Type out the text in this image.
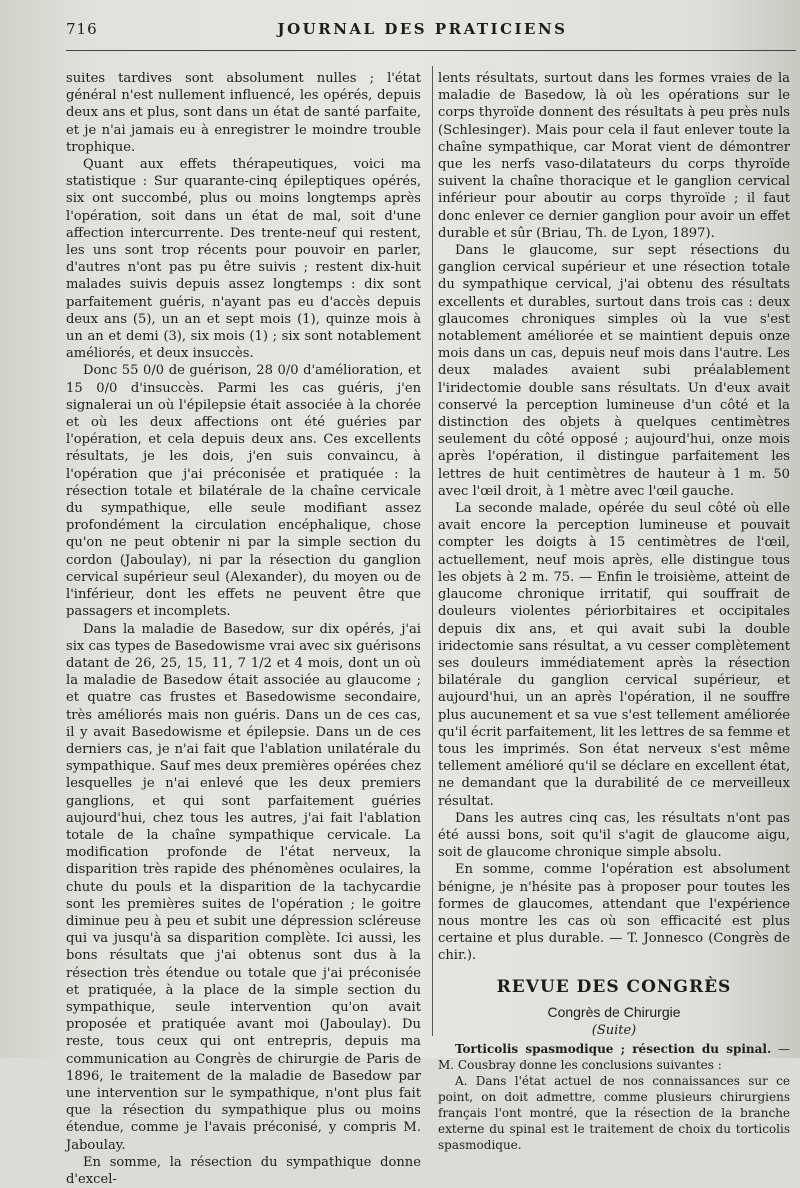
716	JOURNAL DES PRATICIENS

suites tardives sont absolument nulles ; l'état général n'est nullement influencé, les opérés, depuis deux ans et plus, sont dans un état de santé parfaite, et je n'ai jamais eu à enregistrer le moindre trouble trophique.

Quant aux effets thérapeutiques, voici ma statistique : Sur quarante-cinq épileptiques opérés, six ont succombé, plus ou moins longtemps après l'opération, soit dans un état de mal, soit d'une affection intercurrente. Des trente-neuf qui restent, les uns sont trop récents pour pouvoir en parler, d'autres n'ont pas pu être suivis ; restent dix-huit malades suivis depuis assez longtemps : dix sont parfaitement guéris, n'ayant pas eu d'accès depuis deux ans (5), un an et sept mois (1), quinze mois à un an et demi (3), six mois (1) ; six sont notablement améliorés, et deux insuccès.

Donc 55 0/0 de guérison, 28 0/0 d'amélioration, et 15 0/0 d'insuccès. Parmi les cas guéris, j'en signalerai un où l'épilepsie était associée à la chorée et où les deux affections ont été guéries par l'opération, et cela depuis deux ans. Ces excellents résultats, je les dois, j'en suis convaincu, à l'opération que j'ai préconisée et pratiquée : la résection totale et bilatérale de la chaîne cervicale du sympathique, elle seule modifiant assez profondément la circulation encéphalique, chose qu'on ne peut obtenir ni par la simple section du cordon (Jaboulay), ni par la résection du ganglion cervical supérieur seul (Alexander), du moyen ou de l'inférieur, dont les effets ne peuvent être que passagers et incomplets.

Dans la maladie de Basedow, sur dix opérés, j'ai six cas types de Basedowisme vrai avec six guérisons datant de 26, 25, 15, 11, 7 1/2 et 4 mois, dont un où la maladie de Basedow était associée au glaucome ; et quatre cas frustes et Basedowisme secondaire, très améliorés mais non guéris. Dans un de ces cas, il y avait Basedowisme et épilepsie. Dans un de ces derniers cas, je n'ai fait que l'ablation unilatérale du sympathique. Sauf mes deux premières opérées chez lesquelles je n'ai enlevé que les deux premiers ganglions, et qui sont parfaitement guéries aujourd'hui, chez tous les autres, j'ai fait l'ablation totale de la chaîne sympathique cervicale. La modification profonde de l'état nerveux, la disparition très rapide des phénomènes oculaires, la chute du pouls et la disparition de la tachycardie sont les premières suites de l'opération ; le goitre diminue peu à peu et subit une dépression scléreuse qui va jusqu'à sa disparition complète. Ici aussi, les bons résultats que j'ai obtenus sont dus à la résection très étendue ou totale que j'ai préconisée et pratiquée, à la place de la simple section du sympathique, seule intervention qu'on avait proposée et pratiquée avant moi (Jaboulay). Du reste, tous ceux qui ont entrepris, depuis ma communication au Congrès de chirurgie de Paris de 1896, le traitement de la maladie de Basedow par une intervention sur le sympathique, n'ont plus fait que la résection du sympathique plus ou moins étendue, comme je l'avais préconisé, y compris M. Jaboulay.

En somme, la résection du sympathique donne d'excel-

lents résultats, surtout dans les formes vraies de la maladie de Basedow, là où les opérations sur le corps thyroïde donnent des résultats à peu près nuls (Schlesinger). Mais pour cela il faut enlever toute la chaîne sympathique, car Morat vient de démontrer que les nerfs vaso-dilatateurs du corps thyroïde suivent la chaîne thoracique et le ganglion cervical inférieur pour aboutir au corps thyroïde ; il faut donc enlever ce dernier ganglion pour avoir un effet durable et sûr (Briau, Th. de Lyon, 1897).

Dans le glaucome, sur sept résections du ganglion cervical supérieur et une résection totale du sympathique cervical, j'ai obtenu des résultats excellents et durables, surtout dans trois cas : deux glaucomes chroniques simples où la vue s'est notablement améliorée et se maintient depuis onze mois dans un cas, depuis neuf mois dans l'autre. Les deux malades avaient subi préalablement l'iridectomie double sans résultats. Un d'eux avait conservé la perception lumineuse d'un côté et la distinction des objets à quelques centimètres seulement du côté opposé ; aujourd'hui, onze mois après l'opération, il distingue parfaitement les lettres de huit centimètres de hauteur à 1 m. 50 avec l'œil droit, à 1 mètre avec l'œil gauche.

La seconde malade, opérée du seul côté où elle avait encore la perception lumineuse et pouvait compter les doigts à 15 centimètres de l'œil, actuellement, neuf mois après, elle distingue tous les objets à 2 m. 75. — Enfin le troisième, atteint de glaucome chronique irritatif, qui souffrait de douleurs violentes périorbitaires et occipitales depuis dix ans, et qui avait subi la double iridectomie sans résultat, a vu cesser complètement ses douleurs immédiatement après la résection bilatérale du ganglion cervical supérieur, et aujourd'hui, un an après l'opération, il ne souffre plus aucunement et sa vue s'est tellement améliorée qu'il écrit parfaitement, lit les lettres de sa femme et tous les imprimés. Son état nerveux s'est même tellement amélioré qu'il se déclare en excellent état, ne demandant que la durabilité de ce merveilleux résultat.

Dans les autres cinq cas, les résultats n'ont pas été aussi bons, soit qu'il s'agit de glaucome aigu, soit de glaucome chronique simple absolu.

En somme, comme l'opération est absolument bénigne, je n'hésite pas à proposer pour toutes les formes de glaucomes, attendant que l'expérience nous montre les cas où son efficacité est plus certaine et plus durable. — T. Jonnesco (Congrès de chir.).

REVUE DES CONGRÈS
Congrès de Chirurgie
(Suite)

Torticolis spasmodique ; résection du spinal. — M. Cousbray donne les conclusions suivantes :

A. Dans l'état actuel de nos connaissances sur ce point, on doit admettre, comme plusieurs chirurgiens français l'ont montré, que la résection de la branche externe du spinal est le traitement de choix du torticolis spasmodique.
